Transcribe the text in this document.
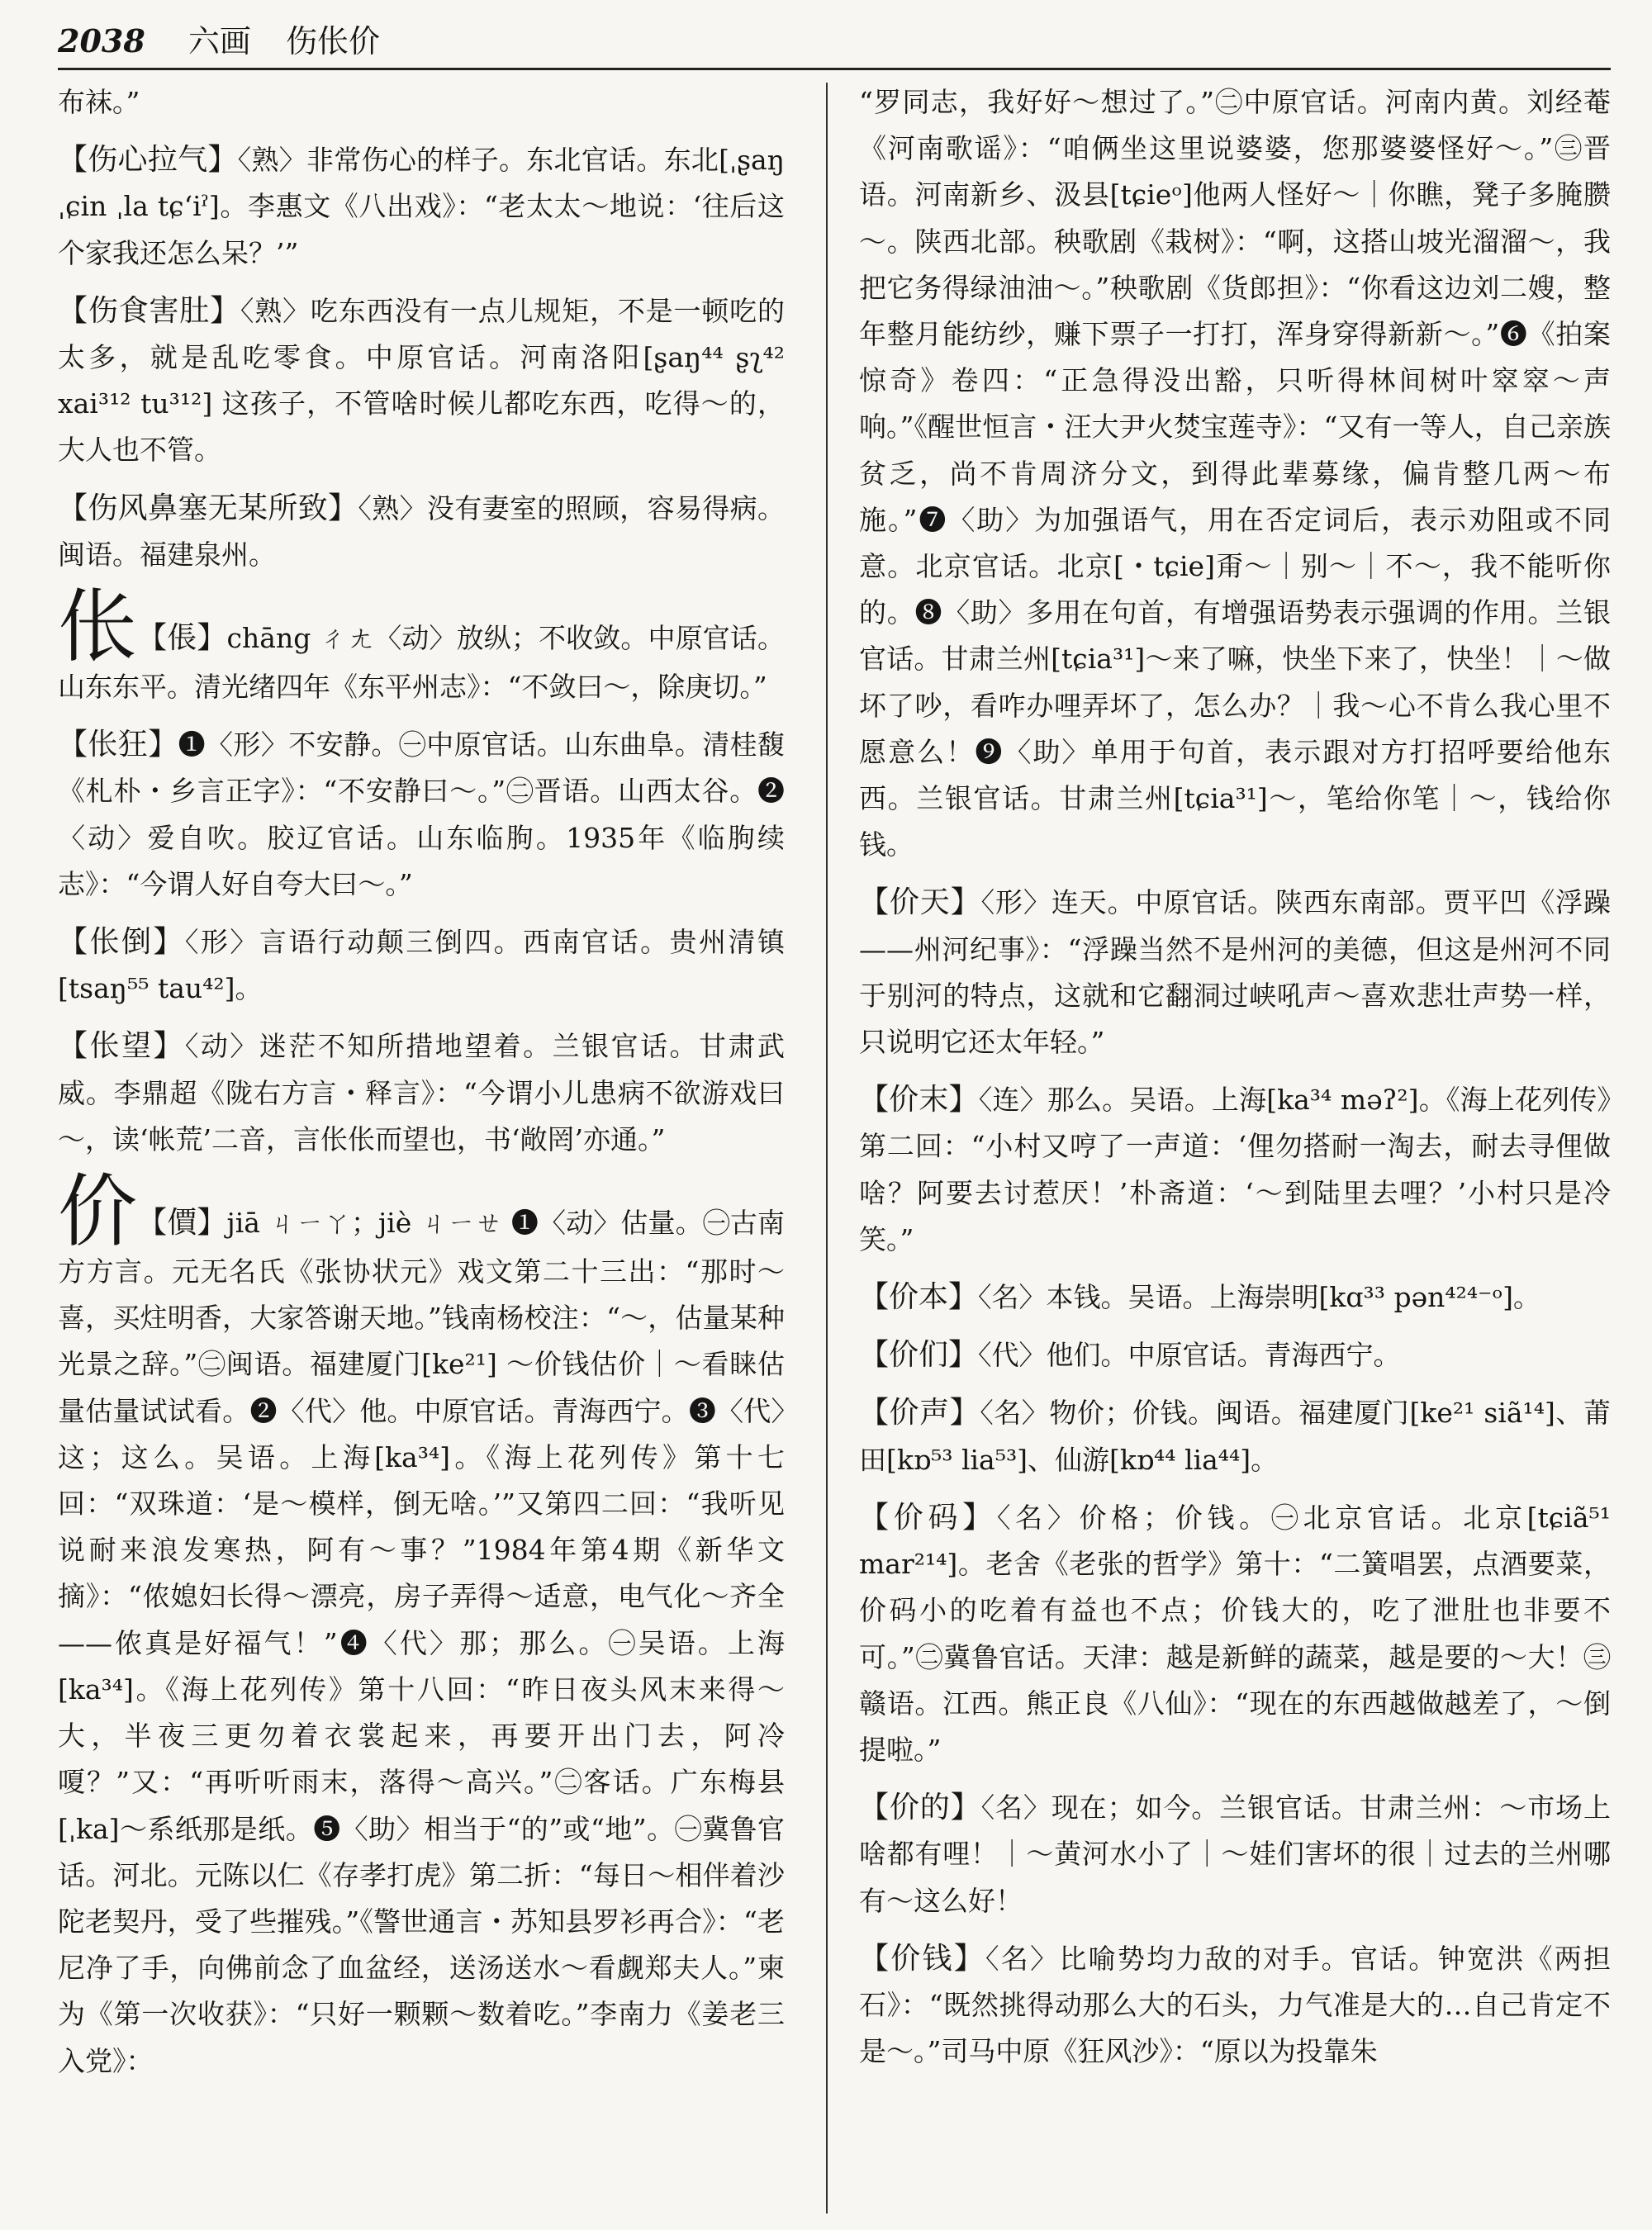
2038 六画 伤伥价

布袜。”

【伤心拉气】〈熟〉非常伤心的样子。东北官话。东北[ˌʂaŋ ˌɕin ˌla tɕʻiˀ]。李惠文《八出戏》：“老太太～地说：‘往后这个家我还怎么呆？’”

【伤食害肚】〈熟〉吃东西没有一点儿规矩，不是一顿吃的太多，就是乱吃零食。中原官话。河南洛阳[ʂaŋ⁴⁴ ʂʅ⁴² xai³¹² tu³¹²] 这孩子，不管啥时候儿都吃东西，吃得～的，大人也不管。

【伤风鼻塞无某所致】〈熟〉没有妻室的照顾，容易得病。闽语。福建泉州。

伥【倀】chāng ㄔㄤ〈动〉放纵；不收敛。中原官话。山东东平。清光绪四年《东平州志》：“不敛曰～，除庚切。”

【伥狂】❶〈形〉不安静。㊀中原官话。山东曲阜。清桂馥《札朴・乡言正字》：“不安静曰～。”㊁晋语。山西太谷。❷〈动〉爱自吹。胶辽官话。山东临朐。1935年《临朐续志》：“今谓人好自夸大曰～。”

【伥倒】〈形〉言语行动颠三倒四。西南官话。贵州清镇[tsaŋ⁵⁵ tau⁴²]。

【伥望】〈动〉迷茫不知所措地望着。兰银官话。甘肃武威。李鼎超《陇右方言・释言》：“今谓小儿患病不欲游戏曰～，读‘帐荒’二音，言伥伥而望也，书‘敞罔’亦通。”

价【價】jiā ㄐㄧㄚ；jiè ㄐㄧㄝ ❶〈动〉估量。㊀古南方方言。元无名氏《张协状元》戏文第二十三出：“那时～喜，买炷明香，大家答谢天地。”钱南杨校注：“～，估量某种光景之辞。”㊁闽语。福建厦门[ke²¹] ～价钱估价｜～看睐估量估量试试看。❷〈代〉他。中原官话。青海西宁。❸〈代〉这；这么。吴语。上海[ka³⁴]。《海上花列传》第十七回：“双珠道：‘是～模样，倒无啥。’”又第四二回：“我听见说耐来浪发寒热，阿有～事？”1984年第4期《新华文摘》：“侬媳妇长得～漂亮，房子弄得～适意，电气化～齐全——侬真是好福气！”❹〈代〉那；那么。㊀吴语。上海[ka³⁴]。《海上花列传》第十八回：“昨日夜头风末来得～大，半夜三更勿着衣裳起来，再要开出门去，阿冷嗄？”又：“再听听雨末，落得～高兴。”㊁客话。广东梅县[ˌka]～系纸那是纸。❺〈助〉相当于“的”或“地”。㊀冀鲁官话。河北。元陈以仁《存孝打虎》第二折：“每日～相伴着沙陀老契丹，受了些摧残。”《警世通言・苏知县罗衫再合》：“老尼净了手，向佛前念了血盆经，送汤送水～看觑郑夫人。”柬为《第一次收获》：“只好一颗颗～数着吃。”李南力《姜老三入党》：

“罗同志，我好好～想过了。”㊁中原官话。河南内黄。刘经菴《河南歌谣》：“咱俩坐这里说婆婆，您那婆婆怪好～。”㊂晋语。河南新乡、汲县[tɕieᵒ]他两人怪好～｜你瞧，凳子多腌臜～。陕西北部。秧歌剧《栽树》：“啊，这搭山坡光溜溜～，我把它务得绿油油～。”秧歌剧《货郎担》：“你看这边刘二嫂，整年整月能纺纱，赚下票子一打打，浑身穿得新新～。”❻《拍案惊奇》卷四：“正急得没出豁，只听得林间树叶窣窣～声响。”《醒世恒言・汪大尹火焚宝莲寺》：“又有一等人，自己亲族贫乏，尚不肯周济分文，到得此辈募缘，偏肯整几两～布施。”❼〈助〉为加强语气，用在否定词后，表示劝阻或不同意。北京官话。北京[・tɕie]甭～｜别～｜不～，我不能听你的。❽〈助〉多用在句首，有增强语势表示强调的作用。兰银官话。甘肃兰州[tɕia³¹]～来了嘛，快坐下来了，快坐！｜～做坏了吵，看咋办哩弄坏了，怎么办？｜我～心不肯么我心里不愿意么！❾〈助〉单用于句首，表示跟对方打招呼要给他东西。兰银官话。甘肃兰州[tɕia³¹]～，笔给你笔｜～，钱给你钱。

【价天】〈形〉连天。中原官话。陕西东南部。贾平凹《浮躁——州河纪事》：“浮躁当然不是州河的美德，但这是州河不同于别河的特点，这就和它翻洞过峡吼声～喜欢悲壮声势一样，只说明它还太年轻。”

【价末】〈连〉那么。吴语。上海[ka³⁴ məʔ²]。《海上花列传》第二回：“小村又哼了一声道：‘俚勿搭耐一淘去，耐去寻俚做啥？阿要去讨惹厌！’朴斋道：‘～到陆里去哩？’小村只是冷笑。”

【价本】〈名〉本钱。吴语。上海崇明[kɑ³³ pən⁴²⁴⁻ᵒ]。

【价们】〈代〉他们。中原官话。青海西宁。

【价声】〈名〉物价；价钱。闽语。福建厦门[ke²¹ siã¹⁴]、莆田[kɒ⁵³ lia⁵³]、仙游[kɒ⁴⁴ lia⁴⁴]。

【价码】〈名〉价格；价钱。㊀北京官话。北京[tɕiã⁵¹ mar²¹⁴]。老舍《老张的哲学》第十：“二簧唱罢，点酒要菜，价码小的吃着有益也不点；价钱大的，吃了泄肚也非要不可。”㊁冀鲁官话。天津：越是新鲜的蔬菜，越是要的～大！㊂赣语。江西。熊正良《八仙》：“现在的东西越做越差了，～倒提啦。”

【价的】〈名〉现在；如今。兰银官话。甘肃兰州：～市场上啥都有哩！｜～黄河水小了｜～娃们害坏的很｜过去的兰州哪有～这么好！

【价钱】〈名〉比喻势均力敌的对手。官话。钟宽洪《两担石》：“既然挑得动那么大的石头，力气准是大的…自己肯定不是～。”司马中原《狂风沙》：“原以为投靠朱
